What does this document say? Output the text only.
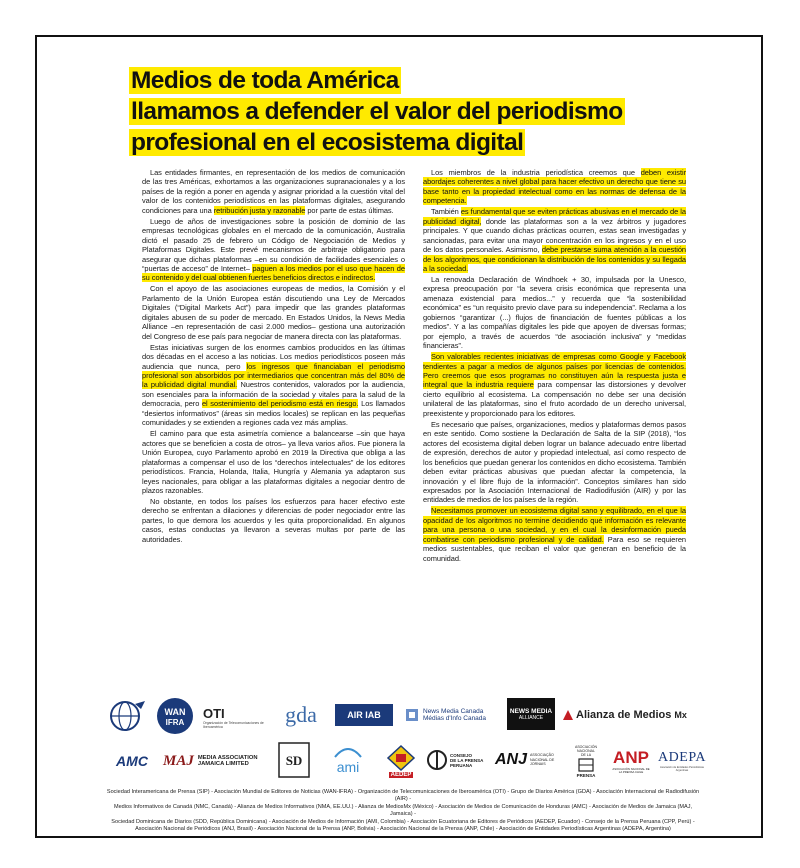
Medios de toda América
llamamos a defender el valor del periodismo
profesional en el ecosistema digital

Las entidades firmantes, en representación de los medios de comunicación de las tres Américas, exhortamos a las organizaciones supranacionales y a los países de la región a poner en agenda y asignar prioridad a la cuestión vital del valor de los contenidos periodísticos en las plataformas digitales, asegurando condiciones para una retribución justa y razonable por parte de estas últimas.

Luego de años de investigaciones sobre la posición de dominio de las empresas tecnológicas globales en el mercado de la comunicación, Australia dictó el pasado 25 de febrero un Código de Negociación de Medios y Plataformas Digitales. Este prevé mecanismos de arbitraje obligatorio para asegurar que dichas plataformas –en su condición de facilidades esenciales o “puertas de acceso” de Internet– paguen a los medios por el uso que hacen de su contenido y del cual obtienen fuertes beneficios directos e indirectos.

Con el apoyo de las asociaciones europeas de medios, la Comisión y el Parlamento de la Unión Europea están discutiendo una Ley de Mercados Digitales (“Digital Markets Act”) para impedir que las grandes plataformas digitales abusen de su poder de mercado. En Estados Unidos, la News Media Alliance –en representación de casi 2.000 medios– gestiona una autorización del Congreso de ese país para negociar de manera directa con las plataformas.

Estas iniciativas surgen de los enormes cambios producidos en las últimas dos décadas en el acceso a las noticias. Los medios periodísticos poseen más audiencia que nunca, pero los ingresos que financiaban el periodismo profesional son absorbidos por intermediarios que concentran más del 80% de la publicidad digital mundial. Nuestros contenidos, valorados por la audiencia, son esenciales para la información de la sociedad y vitales para la salud de la democracia, pero el sostenimiento del periodismo está en riesgo. Los llamados “desiertos informativos” (áreas sin medios locales) se replican en las pequeñas comunidades y se extienden a regiones cada vez más amplias.

El camino para que esta asimetría comience a balancearse –sin que haya actores que se beneficien a costa de otros– ya lleva varios años. Fue pionera la Unión Europea, cuyo Parlamento aprobó en 2019 la Directiva que obliga a las plataformas a compensar el uso de los “derechos intelectuales” de los editores periodísticos. Francia, Holanda, Italia, Hungría y Alemania ya adaptaron sus leyes nacionales, para obligar a las plataformas digitales a negociar dentro de plazos razonables.

No obstante, en todos los países los esfuerzos para hacer efectivo este derecho se enfrentan a dilaciones y diferencias de poder negociador entre las partes, lo que demora los acuerdos y les quita proporcionalidad. En algunos casos, estas conductas ya llevaron a severas multas por parte de las autoridades.

Los miembros de la industria periodística creemos que deben existir abordajes coherentes a nivel global para hacer efectivo un derecho que tiene su base tanto en la propiedad intelectual como en las normas de defensa de la competencia.

También es fundamental que se eviten prácticas abusivas en el mercado de la publicidad digital, donde las plataformas son a la vez árbitros y jugadores principales. Y que cuando dichas prácticas ocurren, estas sean investigadas y sancionadas, para evitar una mayor concentración en los ingresos y en el uso de los datos personales. Asimismo, debe prestarse suma atención a la cuestión de los algoritmos, que condicionan la distribución de los contenidos y su llegada a la sociedad.

La renovada Declaración de Windhoek + 30, impulsada por la Unesco, expresa preocupación por “la severa crisis económica que representa una amenaza existencial para medios...” y recuerda que “la sostenibilidad económica” es “un requisito previo clave para su independencia”. Reclama a los gobiernos “garantizar (...) flujos de financiación de fuentes públicas a los medios”. Y a las compañías digitales les pide que apoyen de diversas formas; por ejemplo, a través de acuerdos “de asociación inclusiva” y “medidas financieras”.

Son valorables recientes iniciativas de empresas como Google y Facebook tendientes a pagar a medios de algunos países por licencias de contenidos. Pero creemos que esos programas no constituyen aún la respuesta justa e integral que la industria requiere para compensar las distorsiones y devolver cierto equilibrio al ecosistema. La compensación no debe ser una decisión unilateral de las plataformas, sino el fruto acordado de un derecho universal, preexistente y proporcionado para los editores.

Es necesario que países, organizaciones, medios y plataformas demos pasos en este sentido. Como sostiene la Declaración de Salta de la SIP (2018), “los actores del ecosistema digital deben lograr un balance adecuado entre libertad de expresión, derechos de autor y propiedad intelectual, así como respecto de los beneficios que puedan generar los contenidos en dicho ecosistema. También deben evitar prácticas abusivas que puedan afectar la competencia, la innovación y el libre flujo de la información”. Conceptos similares han sido expresados por la Asociación Internacional de Radiodifusión (AIR) y por las entidades de medios de los países de la región.

Necesitamos promover un ecosistema digital sano y equilibrado, en el que la opacidad de los algoritmos no termine decidiendo qué información es relevante para una persona o una sociedad, y en el cual la desinformación pueda combatirse con periodismo profesional y de calidad. Para eso se requieren medios sustentables, que reciban el valor que generan en beneficio de la comunidad.

WAN
IFRA
OTI
Organización de Telecomunicaciones de Iberoamérica	gda	AIR IAB	News Media Canada
Médias d'Info Canada
NEWS MEDIA
ALLIANCE	Alianza de Medios Mx
AMC MAJ MEDIA ASSOCIATION
JAMAICA LIMITED	SD ami	AEDEP
CONSEJO
DE LA PRENSA
PERUANA	ANJ ASSOCIAÇÃO NACIONAL DE JORNAIS
ASOCIACIÓN
NACIONAL
DE LA
PRENSA
ANP
ASOCIACIÓN NACIONAL DE LA PRENSA CHILE
ADEPA
Asociación de Entidades Periodísticas Argentinas
Sociedad Interamericana de Prensa (SIP) - Asociación Mundial de Editores de Noticias (WAN-IFRA) - Organización de Telecomunicaciones de Iberoamérica (OTI) - Grupo de Diarios América (GDA) - Asociación Internacional de Radiodifusión (AIR) -
Medios Informativos de Canadá (NMC, Canadá) - Alianza de Medios Informativos (NMA, EE.UU.) - Alianza de MediosMx (México) - Asociación de Medios de Comunicación de Honduras (AMC) - Asociación de Medios de Jamaica (MAJ, Jamaica) -
Sociedad Dominicana de Diarios (SDD, República Dominicana) - Asociación de Medios de Información (AMI, Colombia) - Asociación Ecuatoriana de Editores de Periódicos (AEDEP, Ecuador) - Consejo de la Prensa Peruana (CPP, Perú) -
Asociación Nacional de Periódicos (ANJ, Brasil) - Asociación Nacional de la Prensa (ANP, Bolivia) - Asociación Nacional de la Prensa (ANP, Chile) - Asociación de Entidades Periodísticas Argentinas (ADEPA, Argentina)
